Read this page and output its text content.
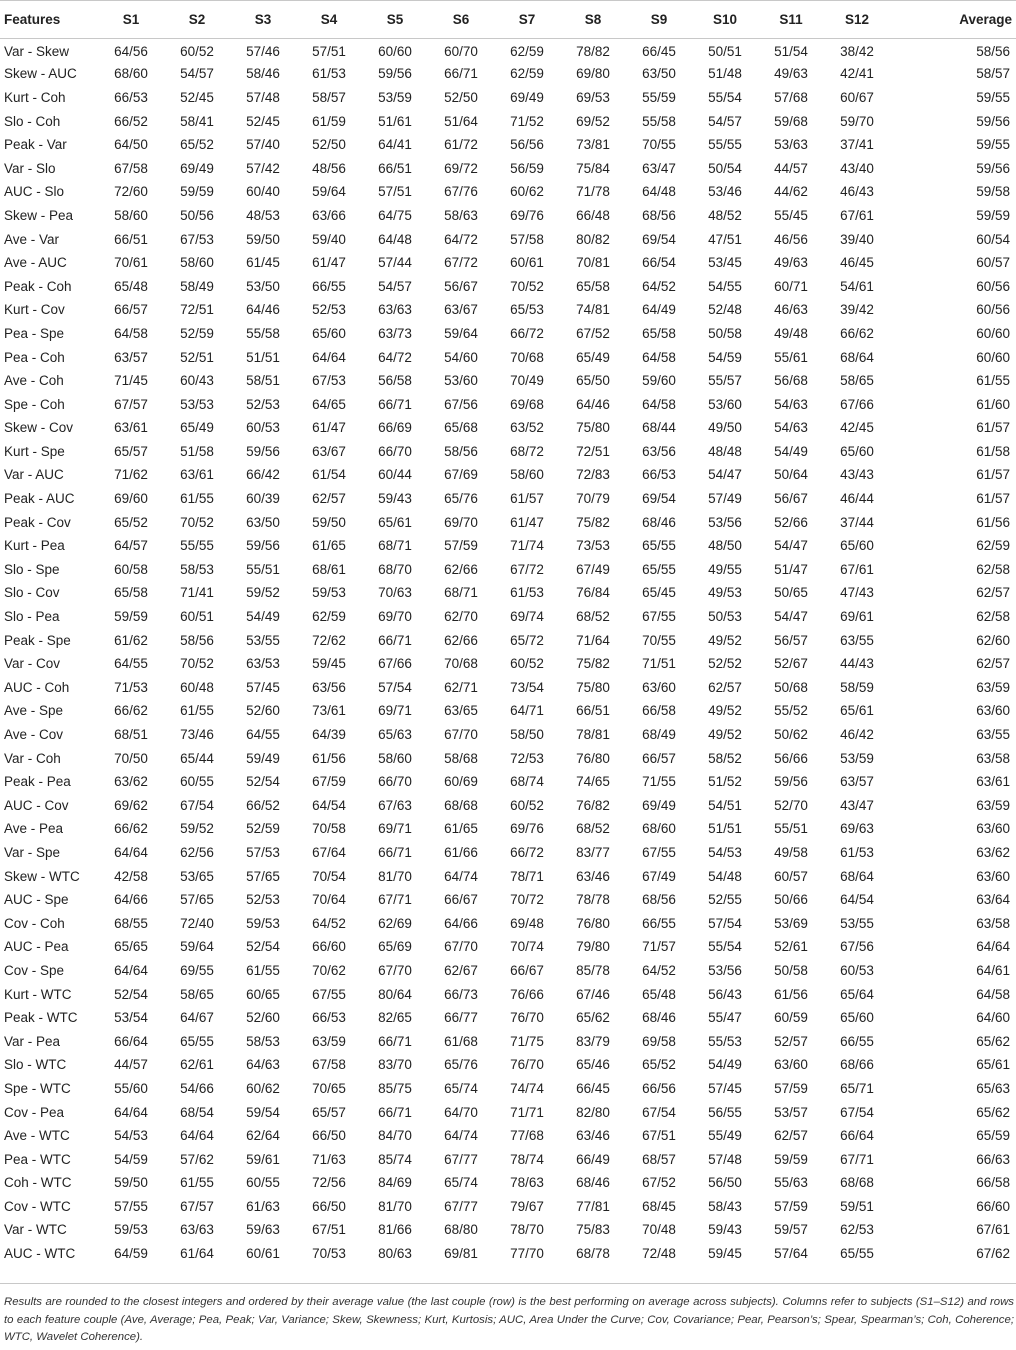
Features	S1	S2	S3	S4	S5	S6	S7	S8	S9	S10	S11	S12	Average
Var - Skew	64/56	60/52	57/46	57/51	60/60	60/70	62/59	78/82	66/45	50/51	51/54	38/42	58/56
Skew - AUC	68/60	54/57	58/46	61/53	59/56	66/71	62/59	69/80	63/50	51/48	49/63	42/41	58/57
Kurt - Coh	66/53	52/45	57/48	58/57	53/59	52/50	69/49	69/53	55/59	55/54	57/68	60/67	59/55
Slo - Coh	66/52	58/41	52/45	61/59	51/61	51/64	71/52	69/52	55/58	54/57	59/68	59/70	59/56
Peak - Var	64/50	65/52	57/40	52/50	64/41	61/72	56/56	73/81	70/55	55/55	53/63	37/41	59/55
Var - Slo	67/58	69/49	57/42	48/56	66/51	69/72	56/59	75/84	63/47	50/54	44/57	43/40	59/56
AUC - Slo	72/60	59/59	60/40	59/64	57/51	67/76	60/62	71/78	64/48	53/46	44/62	46/43	59/58
Skew - Pea	58/60	50/56	48/53	63/66	64/75	58/63	69/76	66/48	68/56	48/52	55/45	67/61	59/59
Ave - Var	66/51	67/53	59/50	59/40	64/48	64/72	57/58	80/82	69/54	47/51	46/56	39/40	60/54
Ave - AUC	70/61	58/60	61/45	61/47	57/44	67/72	60/61	70/81	66/54	53/45	49/63	46/45	60/57
Peak - Coh	65/48	58/49	53/50	66/55	54/57	56/67	70/52	65/58	64/52	54/55	60/71	54/61	60/56
Kurt - Cov	66/57	72/51	64/46	52/53	63/63	63/67	65/53	74/81	64/49	52/48	46/63	39/42	60/56
Pea - Spe	64/58	52/59	55/58	65/60	63/73	59/64	66/72	67/52	65/58	50/58	49/48	66/62	60/60
Pea - Coh	63/57	52/51	51/51	64/64	64/72	54/60	70/68	65/49	64/58	54/59	55/61	68/64	60/60
Ave - Coh	71/45	60/43	58/51	67/53	56/58	53/60	70/49	65/50	59/60	55/57	56/68	58/65	61/55
Spe - Coh	67/57	53/53	52/53	64/65	66/71	67/56	69/68	64/46	64/58	53/60	54/63	67/66	61/60
Skew - Cov	63/61	65/49	60/53	61/47	66/69	65/68	63/52	75/80	68/44	49/50	54/63	42/45	61/57
Kurt - Spe	65/57	51/58	59/56	63/67	66/70	58/56	68/72	72/51	63/56	48/48	54/49	65/60	61/58
Var - AUC	71/62	63/61	66/42	61/54	60/44	67/69	58/60	72/83	66/53	54/47	50/64	43/43	61/57
Peak - AUC	69/60	61/55	60/39	62/57	59/43	65/76	61/57	70/79	69/54	57/49	56/67	46/44	61/57
Peak - Cov	65/52	70/52	63/50	59/50	65/61	69/70	61/47	75/82	68/46	53/56	52/66	37/44	61/56
Kurt - Pea	64/57	55/55	59/56	61/65	68/71	57/59	71/74	73/53	65/55	48/50	54/47	65/60	62/59
Slo - Spe	60/58	58/53	55/51	68/61	68/70	62/66	67/72	67/49	65/55	49/55	51/47	67/61	62/58
Slo - Cov	65/58	71/41	59/52	59/53	70/63	68/71	61/53	76/84	65/45	49/53	50/65	47/43	62/57
Slo - Pea	59/59	60/51	54/49	62/59	69/70	62/70	69/74	68/52	67/55	50/53	54/47	69/61	62/58
Peak - Spe	61/62	58/56	53/55	72/62	66/71	62/66	65/72	71/64	70/55	49/52	56/57	63/55	62/60
Var - Cov	64/55	70/52	63/53	59/45	67/66	70/68	60/52	75/82	71/51	52/52	52/67	44/43	62/57
AUC - Coh	71/53	60/48	57/45	63/56	57/54	62/71	73/54	75/80	63/60	62/57	50/68	58/59	63/59
Ave - Spe	66/62	61/55	52/60	73/61	69/71	63/65	64/71	66/51	66/58	49/52	55/52	65/61	63/60
Ave - Cov	68/51	73/46	64/55	64/39	65/63	67/70	58/50	78/81	68/49	49/52	50/62	46/42	63/55
Var - Coh	70/50	65/44	59/49	61/56	58/60	58/68	72/53	76/80	66/57	58/52	56/66	53/59	63/58
Peak - Pea	63/62	60/55	52/54	67/59	66/70	60/69	68/74	74/65	71/55	51/52	59/56	63/57	63/61
AUC - Cov	69/62	67/54	66/52	64/54	67/63	68/68	60/52	76/82	69/49	54/51	52/70	43/47	63/59
Ave - Pea	66/62	59/52	52/59	70/58	69/71	61/65	69/76	68/52	68/60	51/51	55/51	69/63	63/60
Var - Spe	64/64	62/56	57/53	67/64	66/71	61/66	66/72	83/77	67/55	54/53	49/58	61/53	63/62
Skew - WTC	42/58	53/65	57/65	70/54	81/70	64/74	78/71	63/46	67/49	54/48	60/57	68/64	63/60
AUC - Spe	64/66	57/65	52/53	70/64	67/71	66/67	70/72	78/78	68/56	52/55	50/66	64/54	63/64
Cov - Coh	68/55	72/40	59/53	64/52	62/69	64/66	69/48	76/80	66/55	57/54	53/69	53/55	63/58
AUC - Pea	65/65	59/64	52/54	66/60	65/69	67/70	70/74	79/80	71/57	55/54	52/61	67/56	64/64
Cov - Spe	64/64	69/55	61/55	70/62	67/70	62/67	66/67	85/78	64/52	53/56	50/58	60/53	64/61
Kurt - WTC	52/54	58/65	60/65	67/55	80/64	66/73	76/66	67/46	65/48	56/43	61/56	65/64	64/58
Peak - WTC	53/54	64/67	52/60	66/53	82/65	66/77	76/70	65/62	68/46	55/47	60/59	65/60	64/60
Var - Pea	66/64	65/55	58/53	63/59	66/71	61/68	71/75	83/79	69/58	55/53	52/57	66/55	65/62
Slo - WTC	44/57	62/61	64/63	67/58	83/70	65/76	76/70	65/46	65/52	54/49	63/60	68/66	65/61
Spe - WTC	55/60	54/66	60/62	70/65	85/75	65/74	74/74	66/45	66/56	57/45	57/59	65/71	65/63
Cov - Pea	64/64	68/54	59/54	65/57	66/71	64/70	71/71	82/80	67/54	56/55	53/57	67/54	65/62
Ave - WTC	54/53	64/64	62/64	66/50	84/70	64/74	77/68	63/46	67/51	55/49	62/57	66/64	65/59
Pea - WTC	54/59	57/62	59/61	71/63	85/74	67/77	78/74	66/49	68/57	57/48	59/59	67/71	66/63
Coh - WTC	59/50	61/55	60/55	72/56	84/69	65/74	78/63	68/46	67/52	56/50	55/63	68/68	66/58
Cov - WTC	57/55	67/57	61/63	66/50	81/70	67/77	79/67	77/81	68/45	58/43	57/59	59/51	66/60
Var - WTC	59/53	63/63	59/63	67/51	81/66	68/80	78/70	75/83	70/48	59/43	59/57	62/53	67/61
AUC - WTC	64/59	61/64	60/61	70/53	80/63	69/81	77/70	68/78	72/48	59/45	57/64	65/55	67/62
Results are rounded to the closest integers and ordered by their average value (the last couple (row) is the best performing on average across subjects). Columns refer to subjects (S1–S12) and rows to each feature couple (Ave, Average; Pea, Peak; Var, Variance; Skew, Skewness; Kurt, Kurtosis; AUC, Area Under the Curve; Cov, Covariance; Pear, Pearson’s; Spear, Spearman’s; Coh, Coherence; WTC, Wavelet Coherence).
